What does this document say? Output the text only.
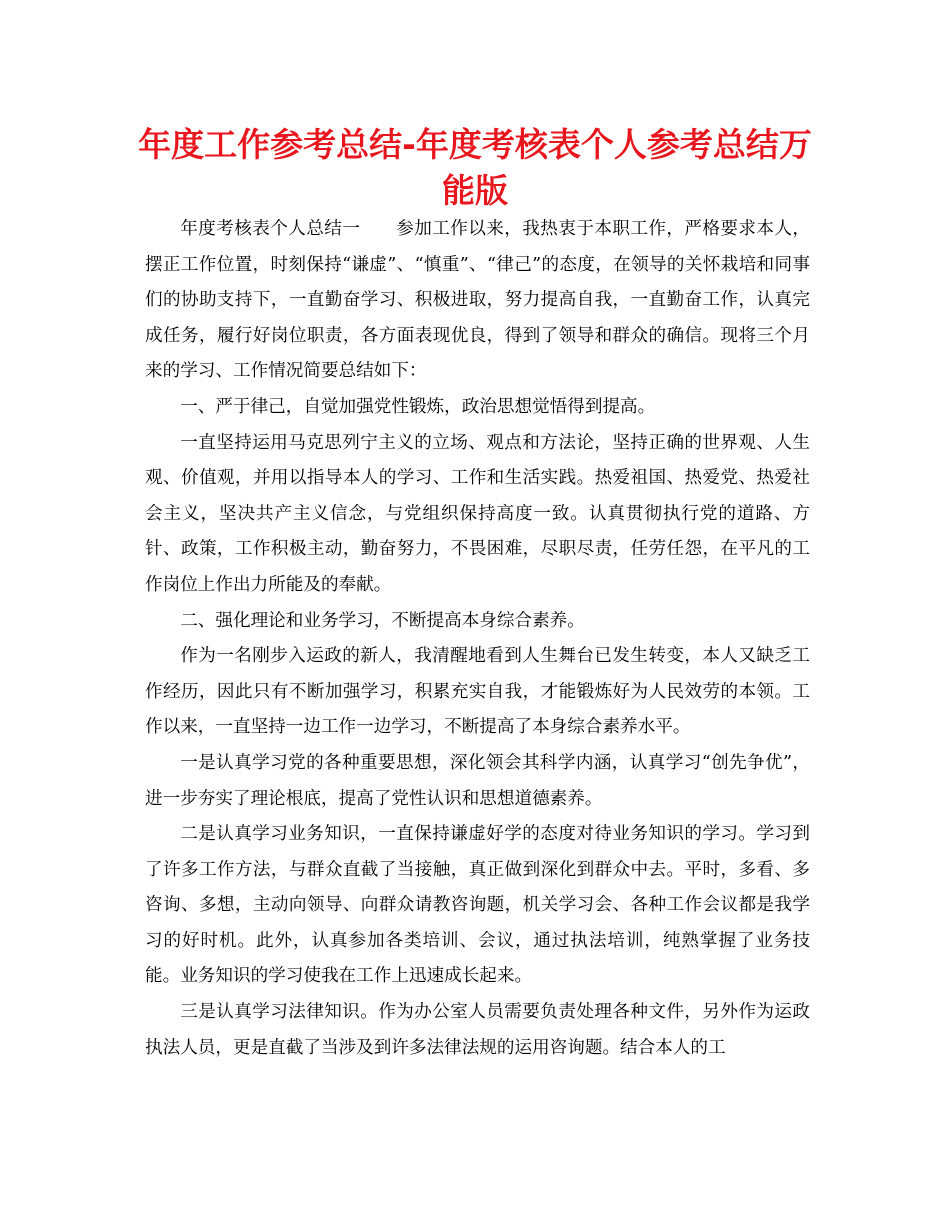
年度工作参考总结-年度考核表个人参考总结万能版

年度考核表个人总结一　　参加工作以来，我热衷于本职工作，严格要求本人，摆正工作位置，时刻保持“谦虚”、“慎重”、“律己”的态度，在领导的关怀栽培和同事们的协助支持下，一直勤奋学习、积极进取，努力提高自我，一直勤奋工作，认真完成任务，履行好岗位职责，各方面表现优良，得到了领导和群众的确信。现将三个月来的学习、工作情况简要总结如下：

一、严于律己，自觉加强党性锻炼，政治思想觉悟得到提高。

一直坚持运用马克思列宁主义的立场、观点和方法论，坚持正确的世界观、人生观、价值观，并用以指导本人的学习、工作和生活实践。热爱祖国、热爱党、热爱社会主义，坚决共产主义信念，与党组织保持高度一致。认真贯彻执行党的道路、方针、政策，工作积极主动，勤奋努力，不畏困难，尽职尽责，任劳任怨，在平凡的工作岗位上作出力所能及的奉献。

二、强化理论和业务学习，不断提高本身综合素养。

作为一名刚步入运政的新人，我清醒地看到人生舞台已发生转变，本人又缺乏工作经历，因此只有不断加强学习，积累充实自我，才能锻炼好为人民效劳的本领。工作以来，一直坚持一边工作一边学习，不断提高了本身综合素养水平。

一是认真学习党的各种重要思想，深化领会其科学内涵，认真学习“创先争优”，进一步夯实了理论根底，提高了党性认识和思想道德素养。

二是认真学习业务知识，一直保持谦虚好学的态度对待业务知识的学习。学习到了许多工作方法，与群众直截了当接触，真正做到深化到群众中去。平时，多看、多咨询、多想，主动向领导、向群众请教咨询题，机关学习会、各种工作会议都是我学习的好时机。此外，认真参加各类培训、会议，通过执法培训，纯熟掌握了业务技能。业务知识的学习使我在工作上迅速成长起来。

三是认真学习法律知识。作为办公室人员需要负责处理各种文件，另外作为运政执法人员，更是直截了当涉及到许多法律法规的运用咨询题。结合本人的工
